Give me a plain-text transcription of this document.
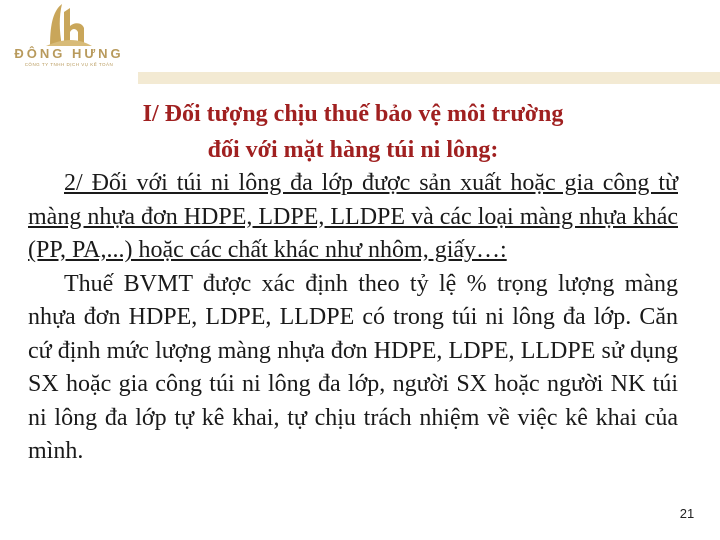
ĐÔNG HƯNG
CÔNG TY TNHH DỊCH VỤ KẾ TOÁN
I/ Đối tượng chịu thuế bảo vệ môi trường
đối với mặt hàng túi ni lông:

2/ Đối với túi ni lông đa lớp được sản xuất hoặc gia công từ màng nhựa đơn HDPE, LDPE, LLDPE và các loại màng nhựa khác (PP, PA,...) hoặc các chất khác như nhôm, giấy…:

Thuế BVMT được xác định theo tỷ lệ % trọng lượng màng nhựa đơn HDPE, LDPE, LLDPE có trong túi ni lông đa lớp. Căn cứ định mức lượng màng nhựa đơn HDPE, LDPE, LLDPE sử dụng SX hoặc gia công túi ni lông đa lớp, người SX hoặc người NK túi ni lông đa lớp tự kê khai, tự chịu trách nhiệm về việc kê khai của mình.

21
